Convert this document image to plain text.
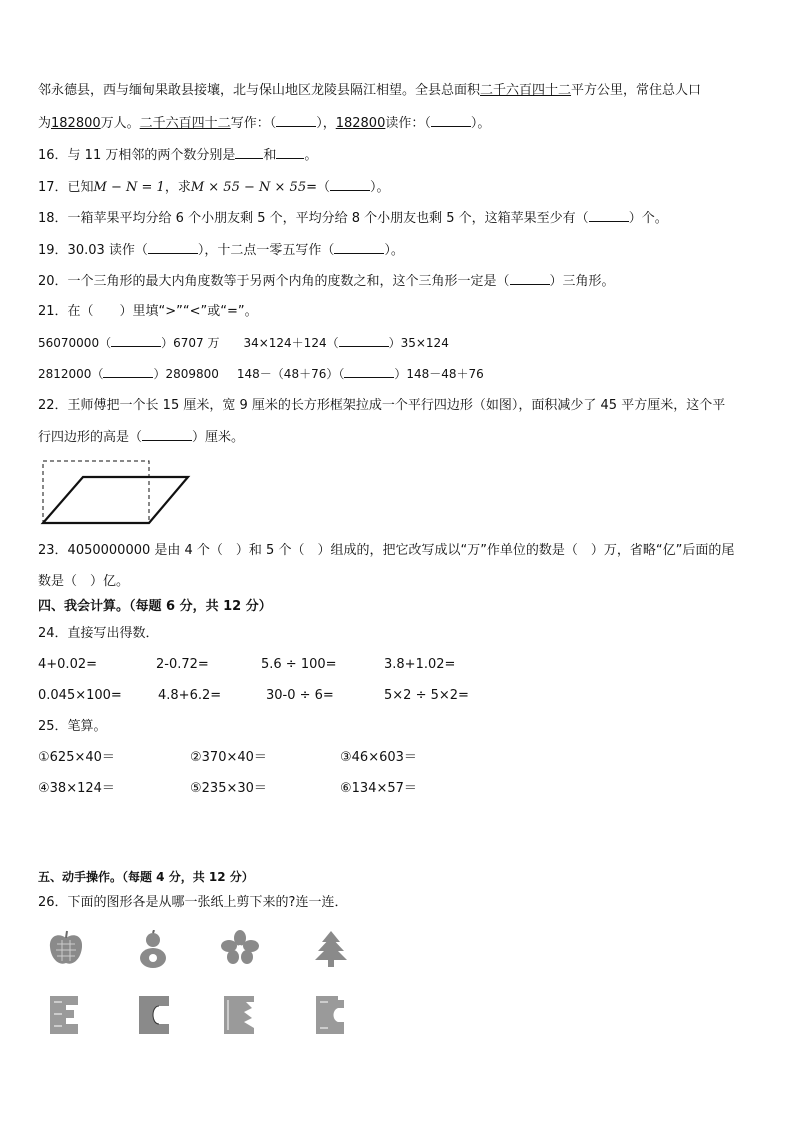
邻永德县，西与缅甸果敢县接壤，北与保山地区龙陵县隔江相望。全县总面积二千六百四十二平方公里，常住总人口
为182800万人。二千六百四十二写作：（	），182800读作：（	）。
16．与 11 万相邻的两个数分别是 和 。
17．已知M − N = 1，求M × 55 − N × 55=（	）。
18．一箱苹果平均分给 6 个小朋友剩 5 个，平均分给 8 个小朋友也剩 5 个，这箱苹果至少有（	）个。
19．30.03 读作（	），十二点一零五写作（	）。
20．一个三角形的最大内角度数等于另两个内角的度数之和，这个三角形一定是（	）三角形。
21．在（　　）里填“>”“<”或“=”。
56070000（	）6707 万 34×124＋124（	）35×124
2812000（	）2809800 148－（48＋76）（	）148－48＋76
22．王师傅把一个长 15 厘米，宽 9 厘米的长方形框架拉成一个平行四边形（如图），面积减少了 45 平方厘米，这个平
行四边形的高是（	）厘米。
23．4050000000 是由 4 个（　）和 5 个（　）组成的，把它改写成以“万”作单位的数是（　）万，省略“亿”后面的尾
数是（　）亿。
四、我会计算。（每题 6 分，共 12 分）
24．直接写出得数．
4+0.02=	2-0.72=	5.6 ÷ 100=	3.8+1.02=
0.045×100=	4.8+6.2=	30-0 ÷ 6=	5×2 ÷ 5×2=
25．笔算。
①625×40＝	②370×40＝	③46×603＝
④38×124＝	⑤235×30＝	⑥134×57＝
五、动手操作。（每题 4 分，共 12 分）
26．下面的图形各是从哪一张纸上剪下来的?连一连．
